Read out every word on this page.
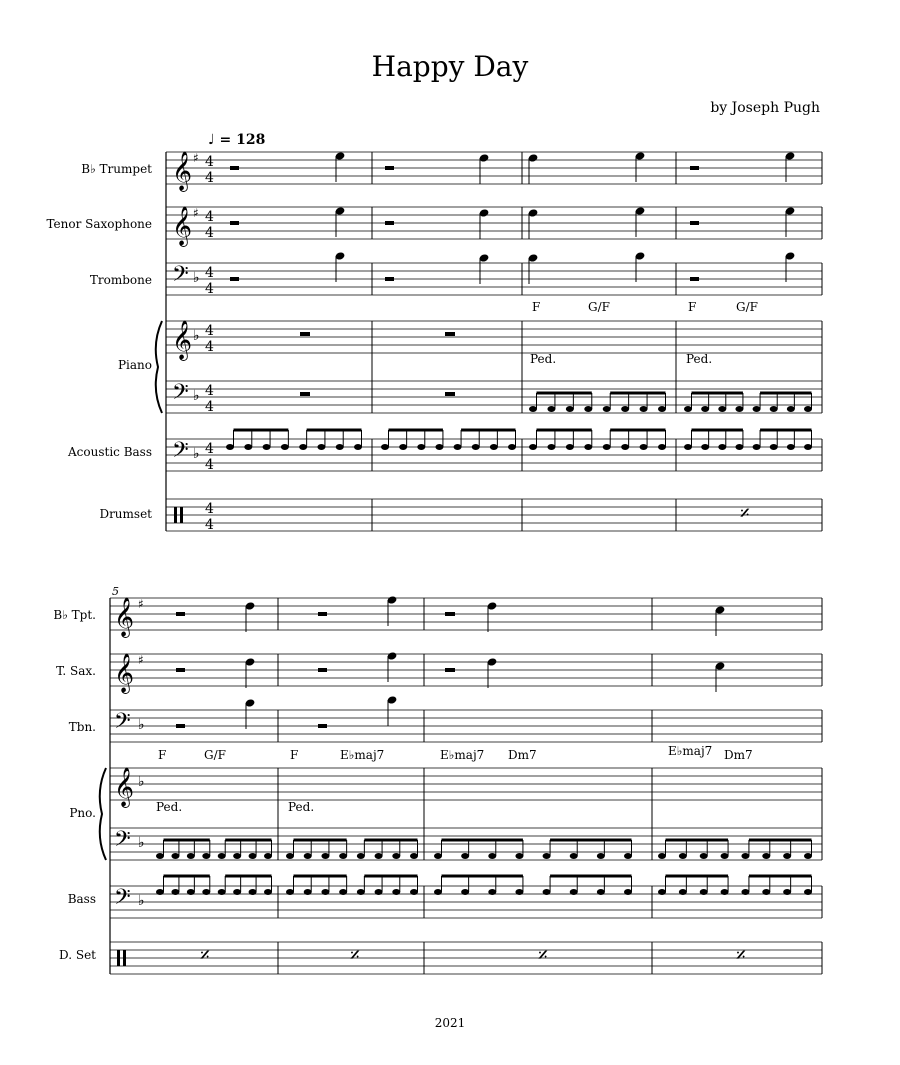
Happy Day
by Joseph Pugh
♩ = 128
B♭ Trumpet
Tenor Saxophone
Trombone
Piano
Acoustic Bass
Drumset
5
B♭ Tpt.
T. Sax.
Tbn.
Pno.
Bass
D. Set
F	G/F	F	G/F
F	G/F	F	E♭maj7	E♭maj7 Dm7	E♭maj7 Dm7
Ped.	Ped.
Ped.	Ped.
2021
𝄞 4
4
𝄞 4
4
𝄢 4
4
𝄢 4
4
𝄢 4
4
𝄞 4
4
4
4
♯
♯
♭
♭
♭
♭
𝄎
𝄞 ♯
𝄞 ♯
𝄞 ♭
𝄢 ♭
𝄢 ♭
𝄢 ♭
𝄎	𝄎	𝄎
𝄎
